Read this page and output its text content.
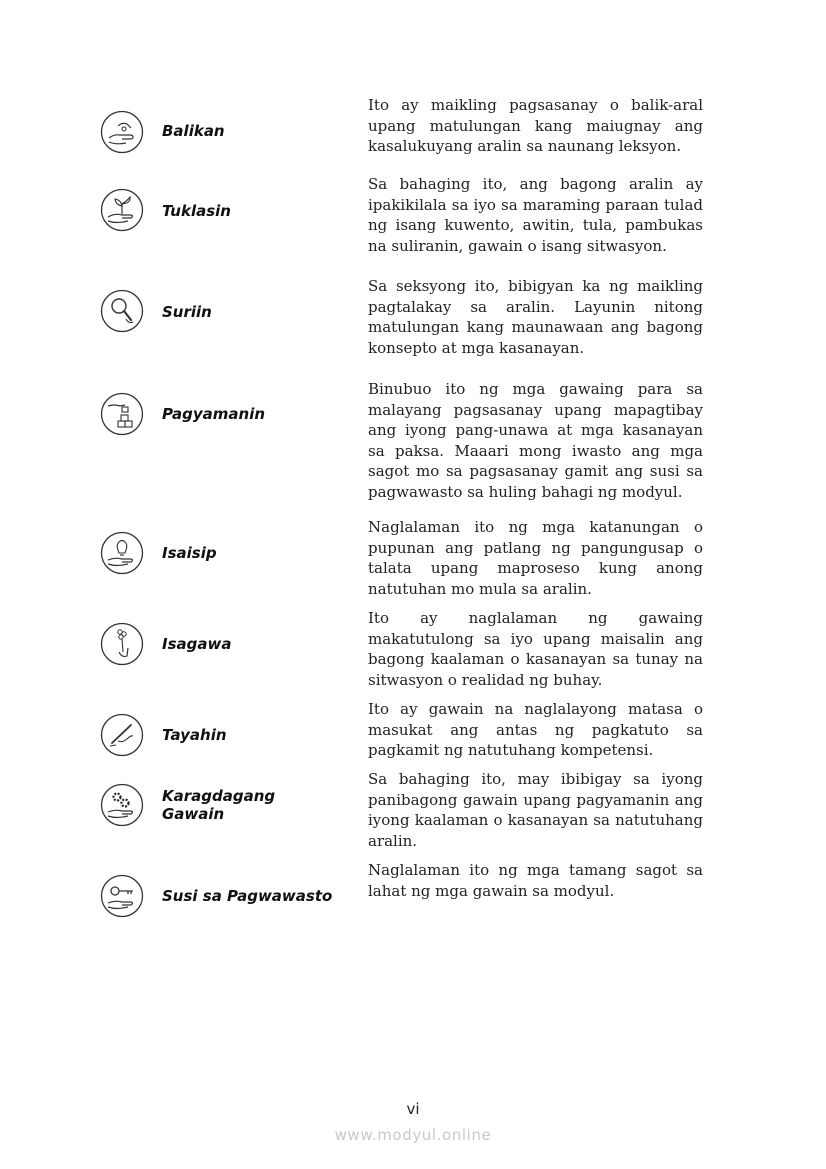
Balikan

Ito ay maikling pagsasanay o balik-aral upang matulungan kang maiugnay ang kasalukuyang aralin sa naunang leksyon.

Tuklasin

Sa bahaging ito, ang bagong aralin ay ipakikilala sa iyo sa maraming paraan tulad ng isang kuwento, awitin, tula, pambukas na suliranin, gawain o isang sitwasyon.

Suriin

Sa seksyong ito, bibigyan ka ng maikling pagtalakay sa aralin. Layunin nitong matulungan kang maunawaan ang bagong konsepto at mga kasanayan.

Pagyamanin

Binubuo ito ng mga gawaing para sa malayang pagsasanay upang mapagtibay ang iyong pang-unawa at mga kasanayan sa paksa. Maaari mong iwasto ang mga sagot mo sa pagsasanay gamit ang susi sa pagwawasto sa huling bahagi ng modyul.

Isaisip

Naglalaman ito ng mga katanungan o pupunan ang patlang ng pangungusap o talata upang maproseso kung anong natutuhan mo mula sa aralin.

Isagawa

Ito ay naglalaman ng gawaing makatutulong sa iyo upang maisalin ang bagong kaalaman o kasanayan sa tunay na sitwasyon o realidad ng buhay.

Tayahin

Ito ay gawain na naglalayong matasa o masukat ang antas ng pagkatuto sa pagkamit ng natutuhang kompetensi.

Karagdagang Gawain

Sa bahaging ito, may ibibigay sa iyong panibagong gawain upang pagyamanin ang iyong kaalaman o kasanayan sa natutuhang aralin.

Susi sa Pagwawasto

Naglalaman ito ng mga tamang sagot sa lahat ng mga gawain sa modyul.

vi
www.modyul.online
